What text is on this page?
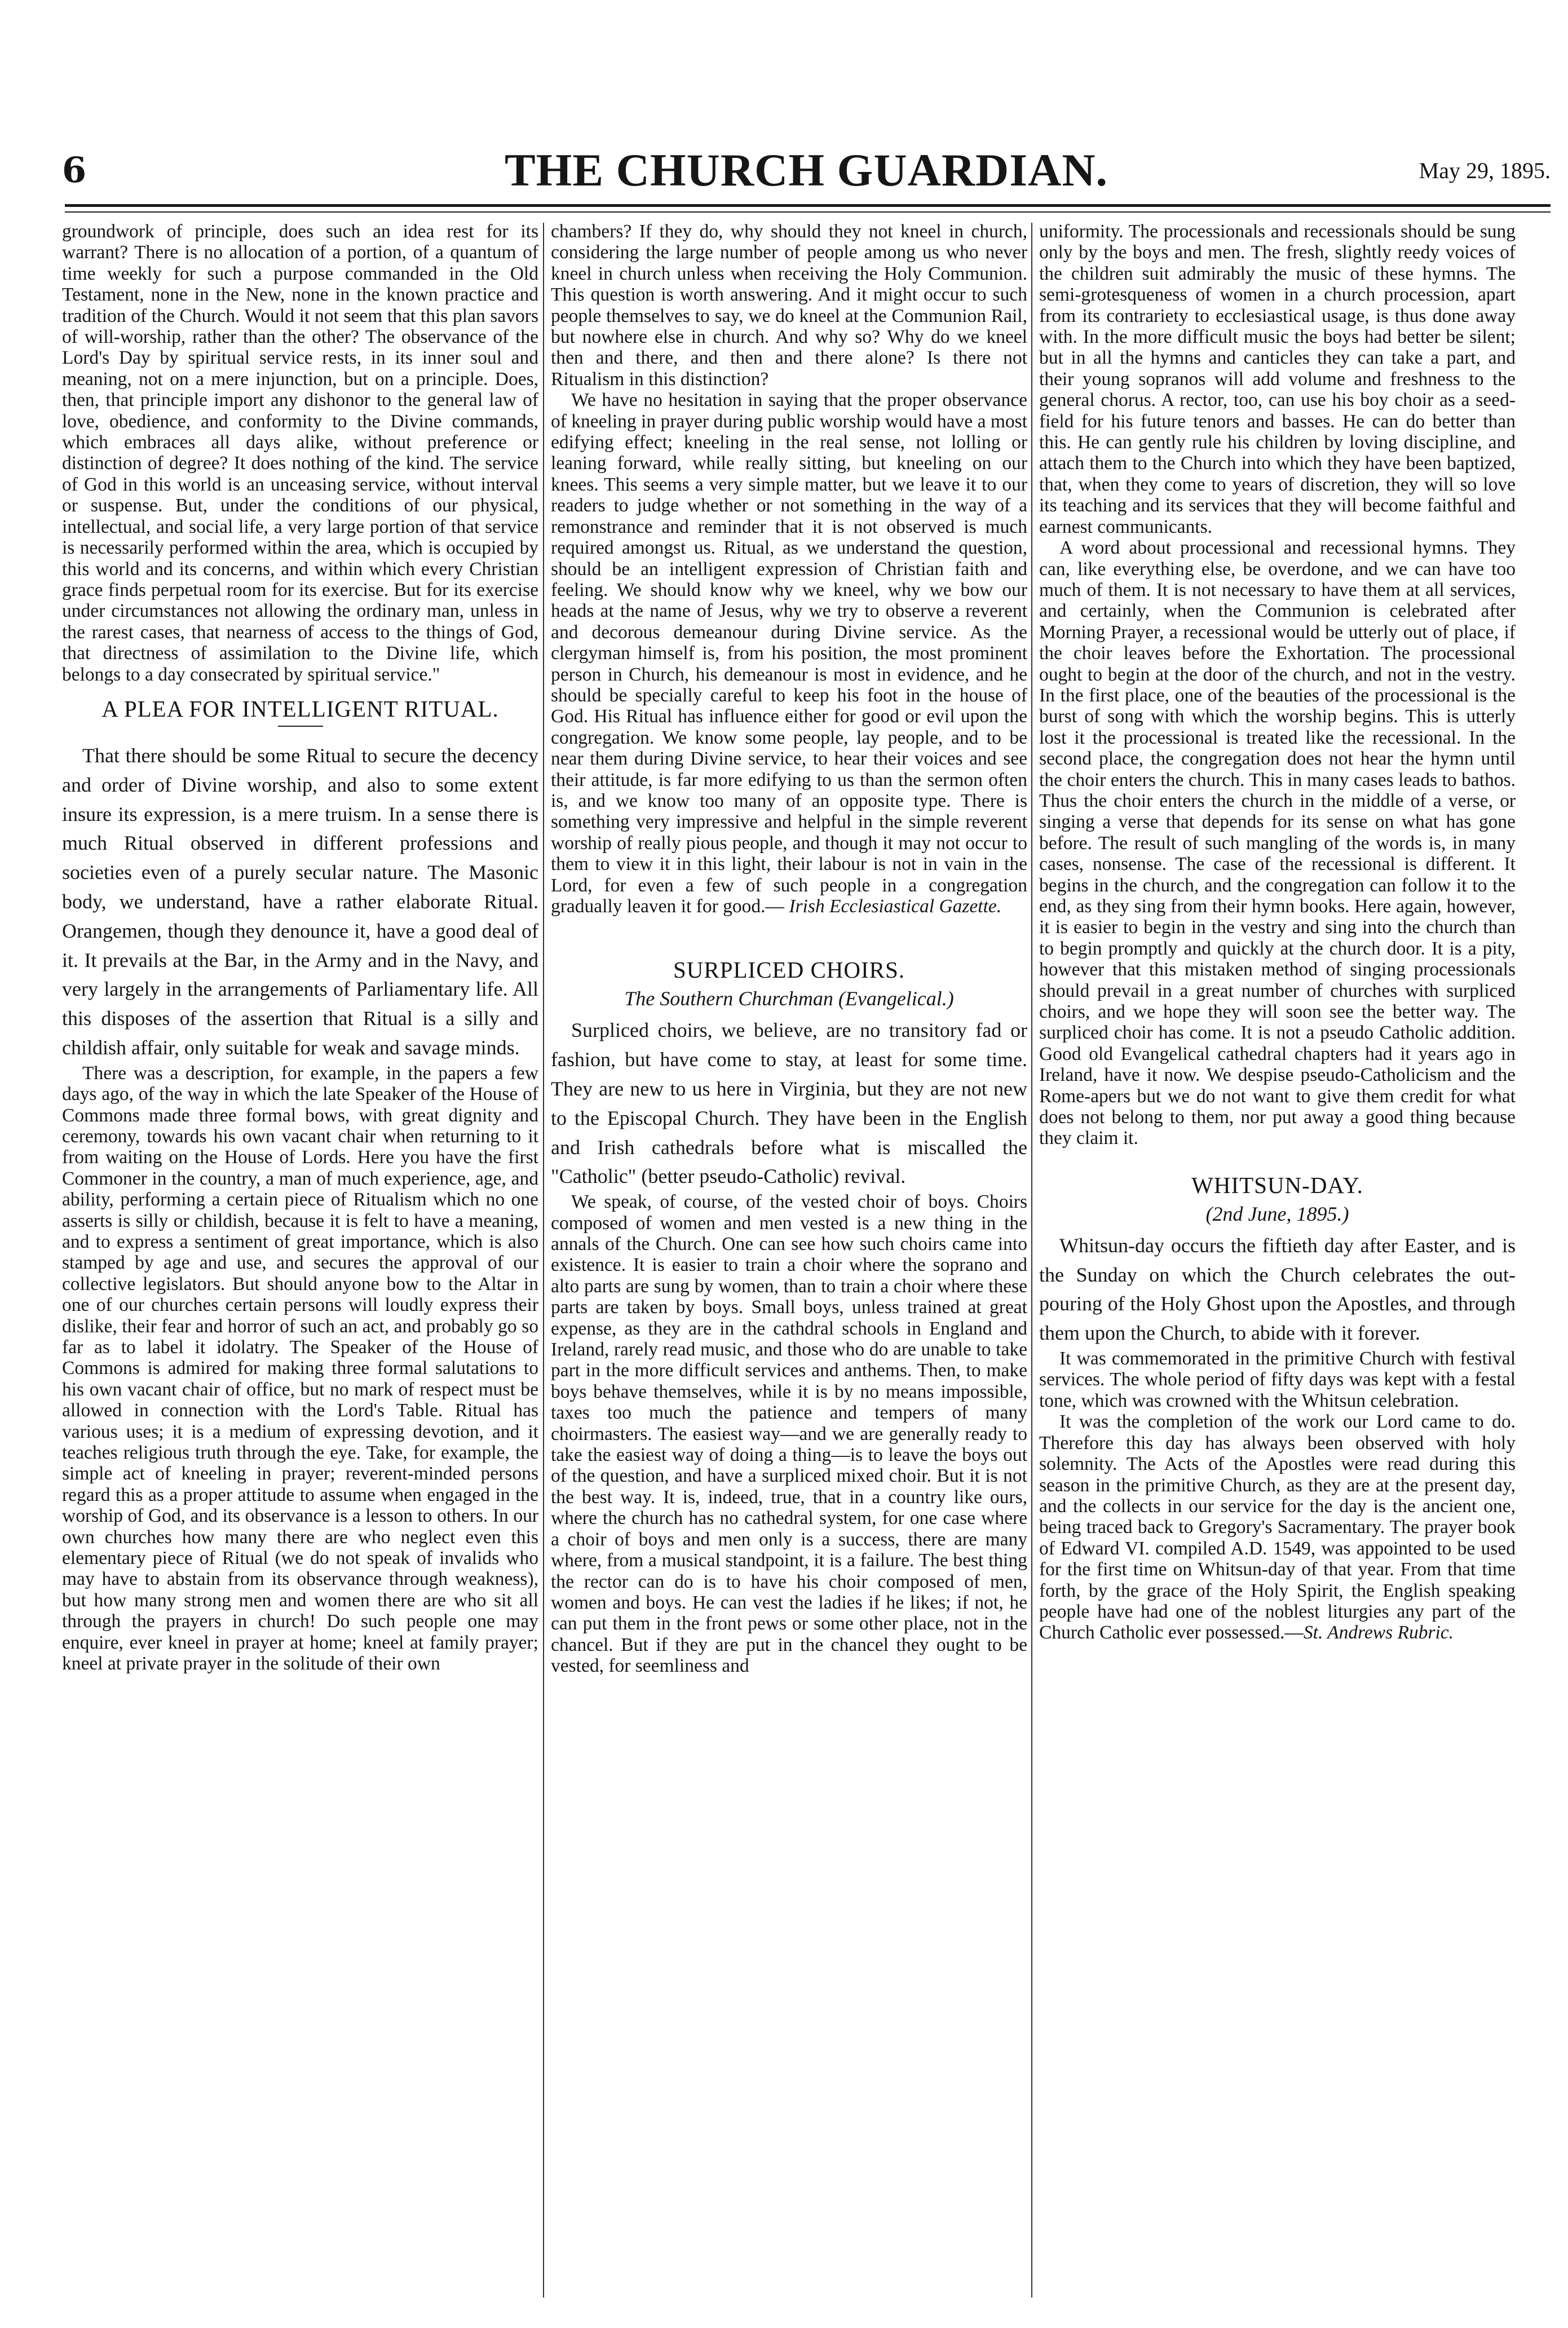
6	THE CHURCH GUARDIAN.	May 29, 1895.

groundwork of principle, does such an idea rest for its warrant? There is no allocation of a portion, of a quantum of time weekly for such a purpose commanded in the Old Testament, none in the New, none in the known practice and tradition of the Church. Would it not seem that this plan savors of will-worship, rather than the other? The observance of the Lord's Day by spiritual service rests, in its inner soul and meaning, not on a mere injunction, but on a principle. Does, then, that principle import any dishonor to the general law of love, obedience, and conformity to the Divine commands, which embraces all days alike, without preference or distinction of degree? It does nothing of the kind. The service of God in this world is an unceasing service, without interval or suspense. But, under the conditions of our physical, intellectual, and social life, a very large portion of that service is necessarily performed within the area, which is occupied by this world and its concerns, and within which every Christian grace finds perpetual room for its exercise. But for its exercise under circumstances not allowing the ordinary man, unless in the rarest cases, that nearness of access to the things of God, that directness of assimilation to the Divine life, which belongs to a day consecrated by spiritual service."

A PLEA FOR INTELLIGENT RITUAL.

That there should be some Ritual to secure the decency and order of Divine worship, and also to some extent insure its expression, is a mere truism. In a sense there is much Ritual observed in different professions and societies even of a purely secular nature. The Masonic body, we understand, have a rather elaborate Ritual. Orangemen, though they denounce it, have a good deal of it. It prevails at the Bar, in the Army and in the Navy, and very largely in the arrangements of Parliamentary life. All this disposes of the assertion that Ritual is a silly and childish affair, only suitable for weak and savage minds.

There was a description, for example, in the papers a few days ago, of the way in which the late Speaker of the House of Commons made three formal bows, with great dignity and ceremony, towards his own vacant chair when returning to it from waiting on the House of Lords. Here you have the first Commoner in the country, a man of much experience, age, and ability, performing a certain piece of Ritualism which no one asserts is silly or childish, because it is felt to have a meaning, and to express a sentiment of great importance, which is also stamped by age and use, and secures the approval of our collective legislators. But should anyone bow to the Altar in one of our churches certain persons will loudly express their dislike, their fear and horror of such an act, and probably go so far as to label it idolatry. The Speaker of the House of Commons is admired for making three formal salutations to his own vacant chair of office, but no mark of respect must be allowed in connection with the Lord's Table. Ritual has various uses; it is a medium of expressing devotion, and it teaches religious truth through the eye. Take, for example, the simple act of kneeling in prayer; reverent-minded persons regard this as a proper attitude to assume when engaged in the worship of God, and its observance is a lesson to others. In our own churches how many there are who neglect even this elementary piece of Ritual (we do not speak of invalids who may have to abstain from its observance through weakness), but how many strong men and women there are who sit all through the prayers in church! Do such people one may enquire, ever kneel in prayer at home; kneel at family prayer; kneel at private prayer in the solitude of their own

chambers? If they do, why should they not kneel in church, considering the large number of people among us who never kneel in church unless when receiving the Holy Communion. This question is worth answering. And it might occur to such people themselves to say, we do kneel at the Communion Rail, but nowhere else in church. And why so? Why do we kneel then and there, and then and there alone? Is there not Ritualism in this distinction?

We have no hesitation in saying that the proper observance of kneeling in prayer during public worship would have a most edifying effect; kneeling in the real sense, not lolling or leaning forward, while really sitting, but kneeling on our knees. This seems a very simple matter, but we leave it to our readers to judge whether or not something in the way of a remonstrance and reminder that it is not observed is much required amongst us. Ritual, as we understand the question, should be an intelligent expression of Christian faith and feeling. We should know why we kneel, why we bow our heads at the name of Jesus, why we try to observe a reverent and decorous demeanour during Divine service. As the clergyman himself is, from his position, the most prominent person in Church, his demeanour is most in evidence, and he should be specially careful to keep his foot in the house of God. His Ritual has influence either for good or evil upon the congregation. We know some people, lay people, and to be near them during Divine service, to hear their voices and see their attitude, is far more edifying to us than the sermon often is, and we know too many of an opposite type. There is something very impressive and helpful in the simple reverent worship of really pious people, and though it may not occur to them to view it in this light, their labour is not in vain in the Lord, for even a few of such people in a congregation gradually leaven it for good.— Irish Ecclesiastical Gazette.

SURPLICED CHOIRS.
The Southern Churchman (Evangelical.)

Surpliced choirs, we believe, are no transitory fad or fashion, but have come to stay, at least for some time. They are new to us here in Virginia, but they are not new to the Episcopal Church. They have been in the English and Irish cathedrals before what is miscalled the "Catholic" (better pseudo-Catholic) revival.

We speak, of course, of the vested choir of boys. Choirs composed of women and men vested is a new thing in the annals of the Church. One can see how such choirs came into existence. It is easier to train a choir where the soprano and alto parts are sung by women, than to train a choir where these parts are taken by boys. Small boys, unless trained at great expense, as they are in the cathdral schools in England and Ireland, rarely read music, and those who do are unable to take part in the more difficult services and anthems. Then, to make boys behave themselves, while it is by no means impossible, taxes too much the patience and tempers of many choirmasters. The easiest way—and we are generally ready to take the easiest way of doing a thing—is to leave the boys out of the question, and have a surpliced mixed choir. But it is not the best way. It is, indeed, true, that in a country like ours, where the church has no cathedral system, for one case where a choir of boys and men only is a success, there are many where, from a musical standpoint, it is a failure. The best thing the rector can do is to have his choir composed of men, women and boys. He can vest the ladies if he likes; if not, he can put them in the front pews or some other place, not in the chancel. But if they are put in the chancel they ought to be vested, for seemliness and

uniformity. The processionals and recessionals should be sung only by the boys and men. The fresh, slightly reedy voices of the children suit admirably the music of these hymns. The semi-grotesqueness of women in a church procession, apart from its contrariety to ecclesiastical usage, is thus done away with. In the more difficult music the boys had better be silent; but in all the hymns and canticles they can take a part, and their young sopranos will add volume and freshness to the general chorus. A rector, too, can use his boy choir as a seed-field for his future tenors and basses. He can do better than this. He can gently rule his children by loving discipline, and attach them to the Church into which they have been baptized, that, when they come to years of discretion, they will so love its teaching and its services that they will become faithful and earnest communicants.

A word about processional and recessional hymns. They can, like everything else, be overdone, and we can have too much of them. It is not necessary to have them at all services, and certainly, when the Communion is celebrated after Morning Prayer, a recessional would be utterly out of place, if the choir leaves before the Exhortation. The processional ought to begin at the door of the church, and not in the vestry. In the first place, one of the beauties of the processional is the burst of song with which the worship begins. This is utterly lost it the processional is treated like the recessional. In the second place, the congregation does not hear the hymn until the choir enters the church. This in many cases leads to bathos. Thus the choir enters the church in the middle of a verse, or singing a verse that depends for its sense on what has gone before. The result of such mangling of the words is, in many cases, nonsense. The case of the recessional is different. It begins in the church, and the congregation can follow it to the end, as they sing from their hymn books. Here again, however, it is easier to begin in the vestry and sing into the church than to begin promptly and quickly at the church door. It is a pity, however that this mistaken method of singing processionals should prevail in a great number of churches with surpliced choirs, and we hope they will soon see the better way. The surpliced choir has come. It is not a pseudo Catholic addition. Good old Evangelical cathedral chapters had it years ago in Ireland, have it now. We despise pseudo-Catholicism and the Rome-apers but we do not want to give them credit for what does not belong to them, nor put away a good thing because they claim it.

WHITSUN-DAY.
(2nd June, 1895.)

Whitsun-day occurs the fiftieth day after Easter, and is the Sunday on which the Church celebrates the out-pouring of the Holy Ghost upon the Apostles, and through them upon the Church, to abide with it forever.

It was commemorated in the primitive Church with festival services. The whole period of fifty days was kept with a festal tone, which was crowned with the Whitsun celebration.

It was the completion of the work our Lord came to do. Therefore this day has always been observed with holy solemnity. The Acts of the Apostles were read during this season in the primitive Church, as they are at the present day, and the collects in our service for the day is the ancient one, being traced back to Gregory's Sacramentary. The prayer book of Edward VI. compiled A.D. 1549, was appointed to be used for the first time on Whitsun-day of that year. From that time forth, by the grace of the Holy Spirit, the English speaking people have had one of the noblest liturgies any part of the Church Catholic ever possessed.—St. Andrews Rubric.
